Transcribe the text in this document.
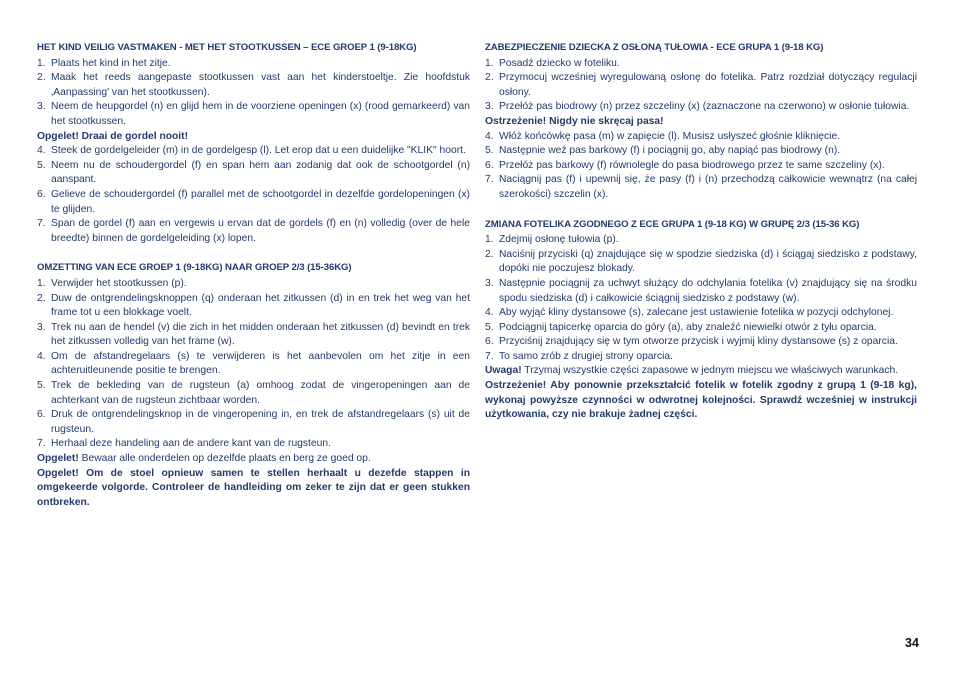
HET KIND VEILIG VASTMAKEN - MET HET STOOTKUSSEN – ECE GROEP 1 (9-18KG)
1. Plaats het kind in het zitje.
2. Maak het reeds aangepaste stootkussen vast aan het kinderstoeltje. Zie hoofdstuk ‚Aanpassing' van het stootkussen).
3. Neem de heupgordel (n) en glijd hem in de voorziene openingen (x) (rood gemarkeerd) van het stootkussen.

Opgelet! Draai de gordel nooit!

4. Steek de gordelgeleider (m) in de gordelgesp (l). Let erop dat u een duidelijke "KLIK" hoort.
5. Neem nu de schoudergordel (f) en span hem aan zodanig dat ook de schootgordel (n) aanspant.
6. Gelieve de schoudergordel (f) parallel met de schootgordel in dezelfde gordelopeningen (x) te glijden.
7. Span de gordel (f) aan en vergewis u ervan dat de gordels (f) en (n) volledig (over de hele breedte) binnen de gordelgeleiding (x) lopen.
OMZETTING VAN ECE GROEP 1 (9-18KG) NAAR GROEP 2/3 (15-36KG)
1. Verwijder het stootkussen (p).
2. Duw de ontgrendelingsknoppen (q) onderaan het zitkussen (d) in en trek het weg van het frame tot u een blokkage voelt.
3. Trek nu aan de hendel (v) die zich in het midden onderaan het zitkussen (d) bevindt en trek het zitkussen volledig van het frame (w).
4. Om de afstandregelaars (s) te verwijderen is het aanbevolen om het zitje in een achteruitleunende positie te brengen.
5. Trek de bekleding van de rugsteun (a) omhoog zodat de vingeropeningen aan de achterkant van de rugsteun zichtbaar worden.
6. Druk de ontgrendelingsknop in de vingeropening in, en trek de afstandregelaars (s) uit de rugsteun.
7. Herhaal deze handeling aan de andere kant van de rugsteun.

Opgelet! Bewaar alle onderdelen op dezelfde plaats en berg ze goed op.

Opgelet! Om de stoel opnieuw samen te stellen herhaalt u dezefde stappen in omgekeerde volgorde. Controleer de handleiding om zeker te zijn dat er geen stukken ontbreken.

ZABEZPIECZENIE DZIECKA Z OSŁONĄ TUŁOWIA - ECE GRUPA 1 (9-18 KG)
1. Posadź dziecko w foteliku.
2. Przymocuj wcześniej wyregulowaną osłonę do fotelika. Patrz rozdział dotyczący regulacji osłony.
3. Przełóż pas biodrowy (n) przez szczeliny (x) (zaznaczone na czerwono) w osłonie tułowia.

Ostrzeżenie! Nigdy nie skręcaj pasa!

4. Włóż końcówkę pasa (m) w zapięcie (l). Musisz usłyszeć głośnie kliknięcie.
5. Następnie weź pas barkowy (f) i pociągnij go, aby napiąć pas biodrowy (n).
6. Przełóż pas barkowy (f) równolegle do pasa biodrowego przez te same szczeliny (x).
7. Naciągnij pas (f) i upewnij się, że pasy (f) i (n) przechodzą całkowicie wewnątrz (na całej szerokości) szczelin (x).
ZMIANA FOTELIKA ZGODNEGO Z ECE GRUPA 1 (9-18 KG) W GRUPĘ 2/3 (15-36 KG)
1. Zdejmij osłonę tułowia (p).
2. Naciśnij przyciski (q) znajdujące się w spodzie siedziska (d) i ściągaj siedzisko z podstawy, dopóki nie poczujesz blokady.
3. Następnie pociągnij za uchwyt służący do odchylania fotelika (v) znajdujący się na środku spodu siedziska (d) i całkowicie ściągnij siedzisko z podstawy (w).
4. Aby wyjąć kliny dystansowe (s), zalecane jest ustawienie fotelika w pozycji odchylonej.
5. Podciągnij tapicerkę oparcia do góry (a), aby znaleźć niewielki otwór z tyłu oparcia.
6. Przyciśnij znajdujący się w tym otworze przycisk i wyjmij kliny dystansowe (s) z oparcia.
7. To samo zrób z drugiej strony oparcia.

Uwaga! Trzymaj wszystkie części zapasowe w jednym miejscu we właściwych warunkach.

Ostrzeżenie! Aby ponownie przekształcić fotelik w fotelik zgodny z grupą 1 (9-18 kg), wykonaj powyższe czynności w odwrotnej kolejności. Sprawdź wcześniej w instrukcji użytkowania, czy nie brakuje żadnej części.

34
